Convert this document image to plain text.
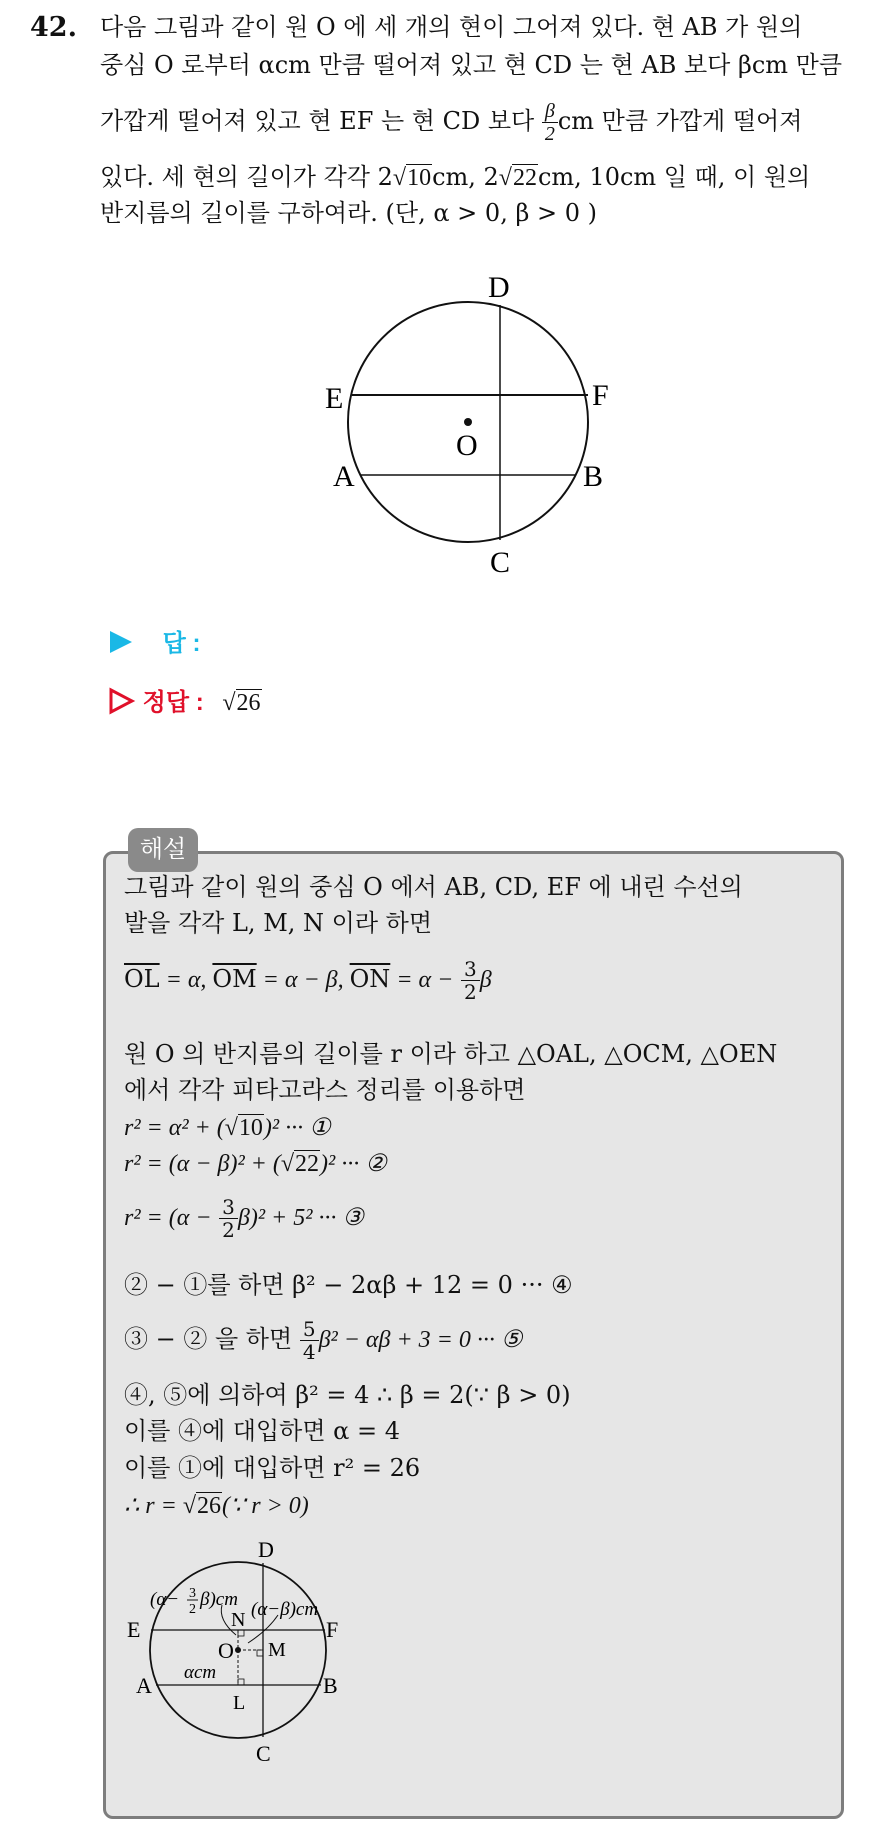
42. 다음 그림과 같이 원 O 에 세 개의 현이 그어져 있다. 현 AB 가 원의
중심 O 로부터 αcm 만큼 떨어져 있고 현 CD 는 현 AB 보다 βcm 만큼
가깝게 떨어져 있고 현 EF 는 현 CD 보다 $\frac{\beta}{2}$ cm 만큼 가깝게 떨어져
있다. 세 현의 길이가 각각 2√10cm, 2√22cm, 10cm 일 때, 이 원의
반지름의 길이를 구하여라. (단, α > 0, β > 0 )
D
C
E	F
A	B
O
답 :
정답 : √26
해설
그림과 같이 원의 중심 O 에서 AB, CD, EF 에 내린 수선의
발을 각각 L, M, N 이라 하면
$\overline{OL} = \alpha$, $\overline{OM} = \alpha - \beta$, $\overline{ON} = \alpha - \frac{3}{2}$ β
원 O 의 반지름의 길이를 r 이라 하고 △OAL, △OCM, △OEN
에서 각각 피타고라스 정리를 이용하면
r² = α² + (√10)² ··· ①
r² = (α − β)² + (√22)² ··· ②
$r^2 = (\alpha - \frac{3}{2} \beta)^2 + 5^2$ ··· ③
② − ①를 하면 β² − 2αβ + 12 = 0 ··· ④
③ − ② 을 하면 $\frac{5}{4} \beta^2 - \alpha\beta + 3 = 0$ ··· ⑤
④, ⑤에 의하여 β² = 4 ∴ β = 2(∵ β > 0)
이를 ④에 대입하면 α = 4
이를 ①에 대입하면 r² = 26
∴ r = √26(∵ r > 0)
D
C
E	F
A	B
O
N
M
L
(α− 3
2 β)cm (α−β)cm
αcm
